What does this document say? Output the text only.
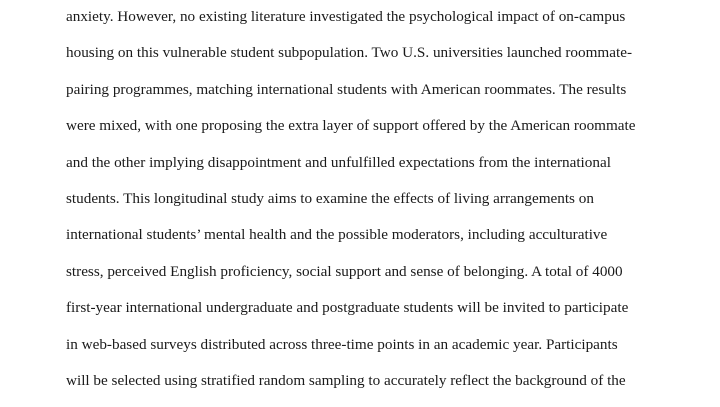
anxiety. However, no existing literature investigated the psychological impact of on-campus
housing on this vulnerable student subpopulation. Two U.S. universities launched roommate-
pairing programmes, matching international students with American roommates. The results
were mixed, with one proposing the extra layer of support offered by the American roommate
and the other implying disappointment and unfulfilled expectations from the international
students. This longitudinal study aims to examine the effects of living arrangements on
international students’ mental health and the possible moderators, including acculturative
stress, perceived English proficiency, social support and sense of belonging. A total of 4000
first-year international undergraduate and postgraduate students will be invited to participate
in web-based surveys distributed across three-time points in an academic year. Participants
will be selected using stratified random sampling to accurately reflect the background of the
